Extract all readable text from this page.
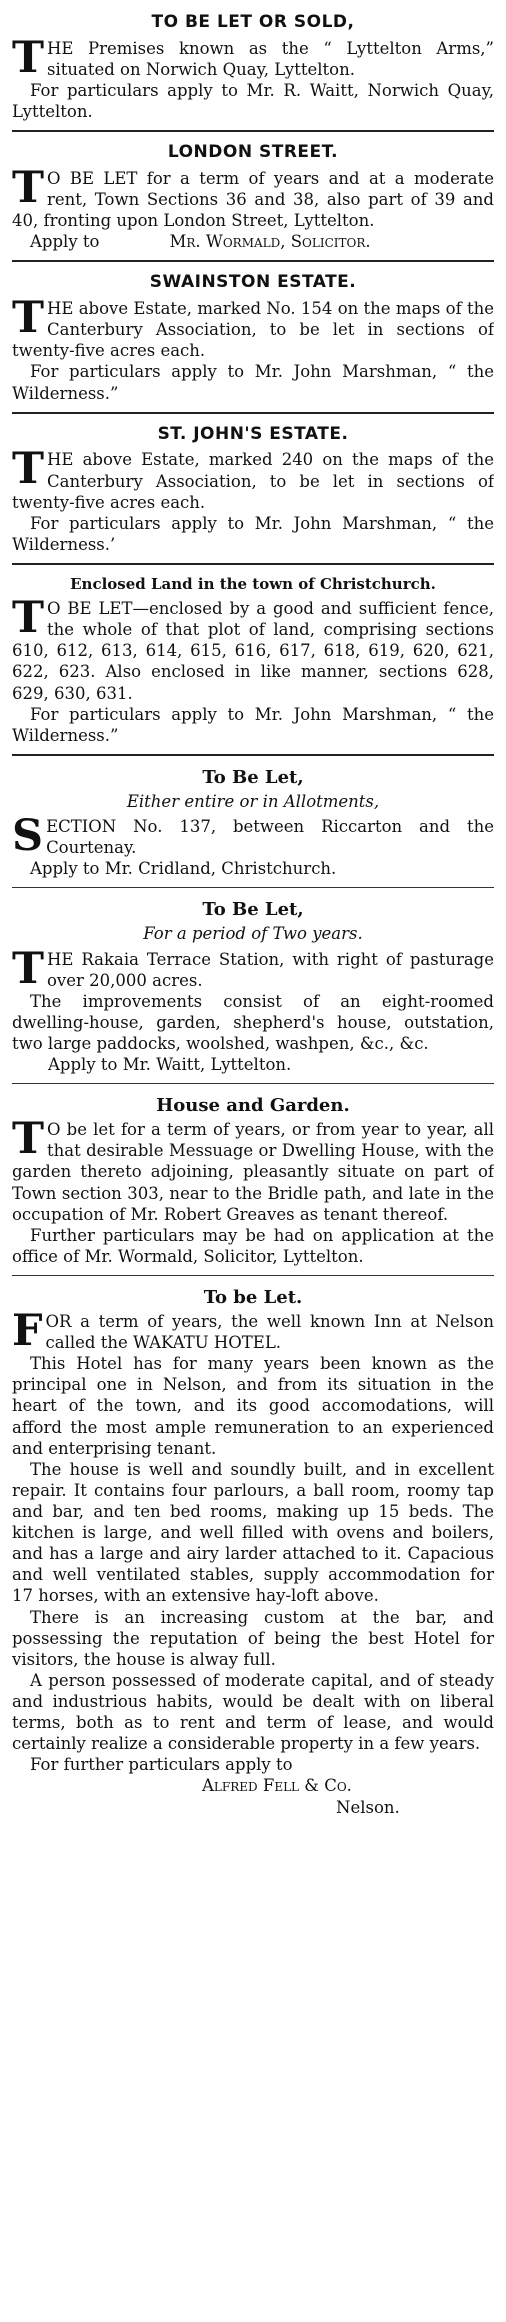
TO BE LET OR SOLD,

THE Premises known as the “ Lyttelton Arms,” situated on Norwich Quay, Lyttelton.

For particulars apply to Mr. R. Waitt, Norwich Quay, Lyttelton.

LONDON STREET.

T O BE LET for a term of years and at a moderate rent, Town Sections 36 and 38, also part of 39 and 40, fronting upon London Street, Lyttelton.

Apply to	Mr. Wormald, Solicitor.

SWAINSTON ESTATE.

THE above Estate, marked No. 154 on the maps of the Canterbury Association, to be let in sections of twenty-five acres each.

For particulars apply to Mr. John Marshman, “ the Wilderness.”

ST. JOHN'S ESTATE.

THE above Estate, marked 240 on the maps of the Canterbury Association, to be let in sections of twenty-five acres each.

For particulars apply to Mr. John Marshman, “ the Wilderness.’

Enclosed Land in the town of Christchurch.

T O BE LET—enclosed by a good and sufficient fence, the whole of that plot of land, comprising sections 610, 612, 613, 614, 615, 616, 617, 618, 619, 620, 621, 622, 623. Also enclosed in like manner, sections 628, 629, 630, 631.

For particulars apply to Mr. John Marshman, “ the Wilderness.”

To Be Let,
Either entire or in Allotments,

SECTION No. 137, between Riccarton and the Courtenay.

Apply to Mr. Cridland, Christchurch.

To Be Let,
For a period of Two years.

THE Rakaia Terrace Station, with right of pasturage over 20,000 acres.

The improvements consist of an eight-roomed dwelling-house, garden, shepherd's house, outstation, two large paddocks, woolshed, washpen, &c., &c.

Apply to Mr. Waitt, Lyttelton.

House and Garden.

T O be let for a term of years, or from year to year, all that desirable Messuage or Dwelling House, with the garden thereto adjoining, pleasantly situate on part of Town section 303, near to the Bridle path, and late in the occupation of Mr. Robert Greaves as tenant thereof.

Further particulars may be had on application at the office of Mr. Wormald, Solicitor, Lyttelton.

To be Let.

FOR a term of years, the well known Inn at Nelson called the WAKATU HOTEL.

This Hotel has for many years been known as the principal one in Nelson, and from its situation in the heart of the town, and its good accomodations, will afford the most ample remuneration to an experienced and enterprising tenant.

The house is well and soundly built, and in excellent repair. It contains four parlours, a ball room, roomy tap and bar, and ten bed rooms, making up 15 beds. The kitchen is large, and well filled with ovens and boilers, and has a large and airy larder attached to it. Capacious and well ventilated stables, supply accommodation for 17 horses, with an extensive hay-loft above.

There is an increasing custom at the bar, and possessing the reputation of being the best Hotel for visitors, the house is alway full.

A person possessed of moderate capital, and of steady and industrious habits, would be dealt with on liberal terms, both as to rent and term of lease, and would certainly realize a considerable property in a few years.

For further particulars apply to

Alfred Fell & Co.

Nelson.
